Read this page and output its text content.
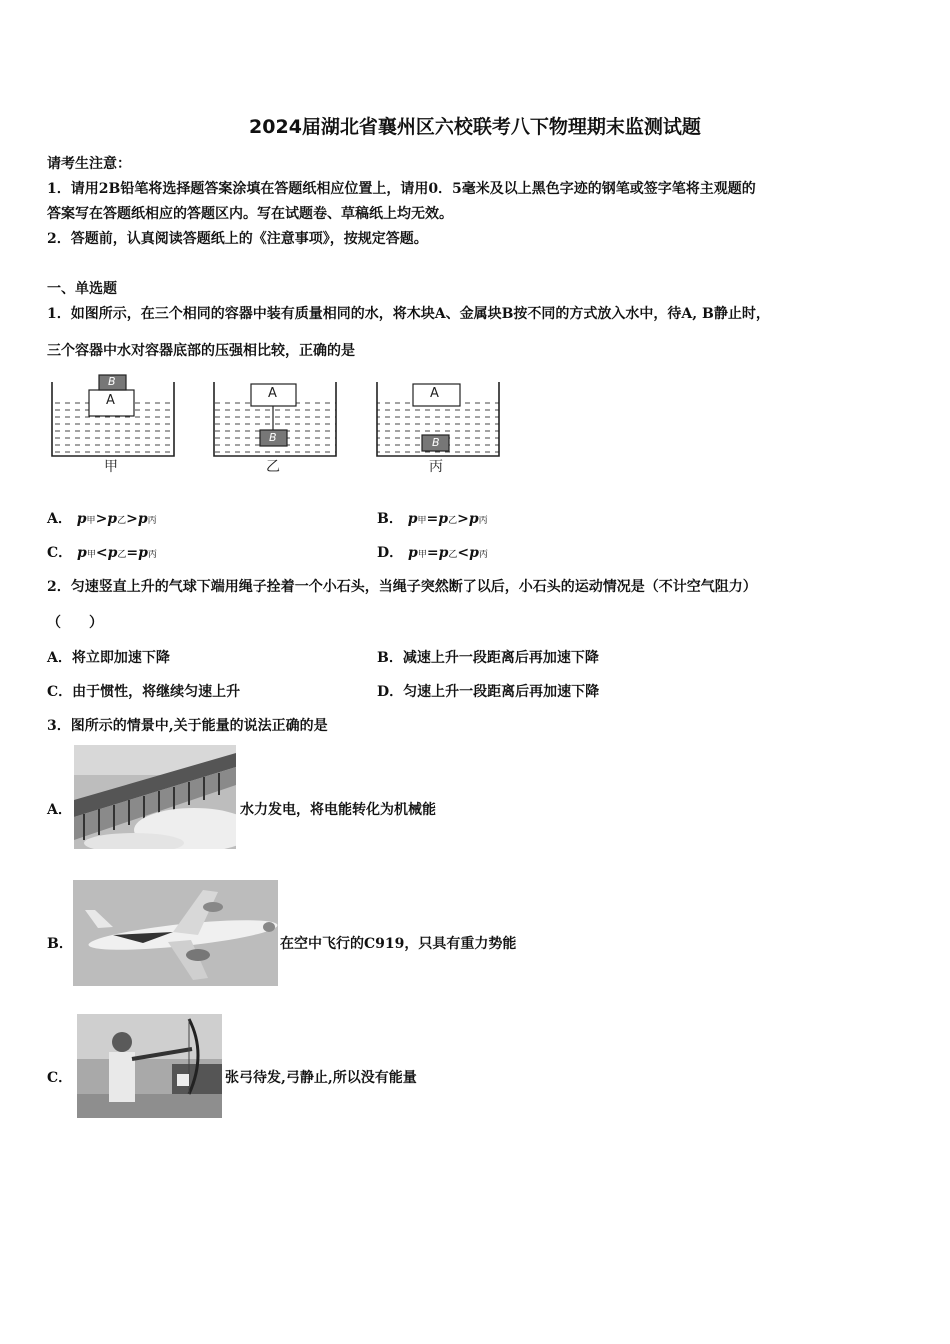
2024届湖北省襄州区六校联考八下物理期末监测试题
请考生注意：
1．请用2B铅笔将选择题答案涂填在答题纸相应位置上，请用0．5毫米及以上黑色字迹的钢笔或签字笔将主观题的
答案写在答题纸相应的答题区内。写在试题卷、草稿纸上均无效。
2．答题前，认真阅读答题纸上的《注意事项》，按规定答题。
一、单选题
1．如图所示，在三个相同的容器中装有质量相同的水，将木块A、金属块B按不同的方式放入水中，待A, B静止时，
三个容器中水对容器底部的压强相比较，正确的是
B
A
甲
A
B
乙
A
B
丙
A． p甲>p乙>p丙	B． p甲=p乙>p丙
C． p甲<p乙=p丙	D． p甲=p乙<p丙
2．匀速竖直上升的气球下端用绳子拴着一个小石头，当绳子突然断了以后，小石头的运动情况是（不计空气阻力）
（　　）
A．将立即加速下降	B．减速上升一段距离后再加速下降
C．由于惯性，将继续匀速上升	D．匀速上升一段距离后再加速下降
3．图所示的情景中,关于能量的说法正确的是
A．	水力发电，将电能转化为机械能
B．	在空中飞行的C919，只具有重力势能
C．	张弓待发,弓静止,所以没有能量
